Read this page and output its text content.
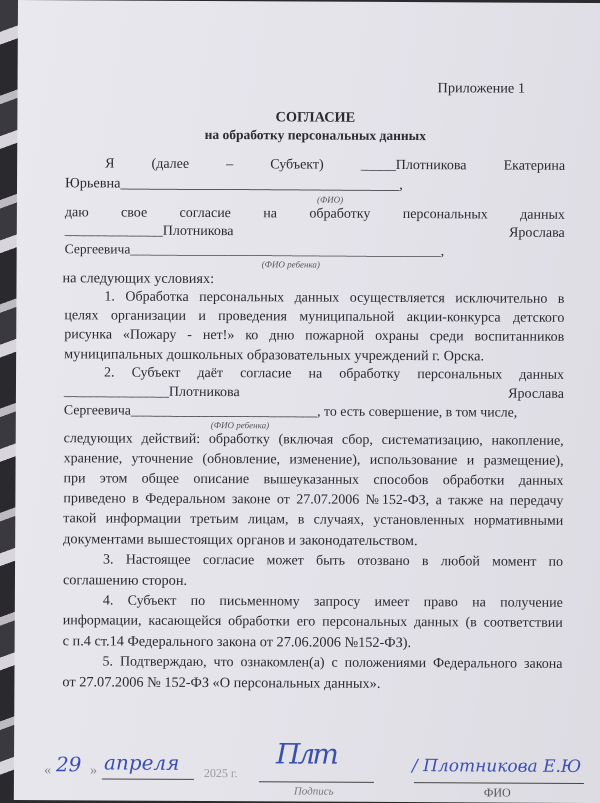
Приложение 1
СОГЛАСИЕ
на обработку персональных данных
Я (далее – Субъект) _____Плотникова Екатерина
Юрьевна_______________________________________,
(ФИО)
даю свое согласие на обработку персональных данных
______________Плотникова Ярослава
Сергеевича______________________________________________,
(ФИО ребенка)
на следующих условиях:
1. Обработка персональных данных осуществляется исключительно в
целях организации и проведения муниципальной акции-конкурса детского
рисунка «Пожару - нет!» ко дню пожарной охраны среди воспитанников
муниципальных дошкольных образовательных учреждений г. Орска.
2. Субъект даёт согласие на обработку персональных данных
_______________Плотникова Ярослава
Сергеевича___________________________, то есть совершение, в том числе,
(ФИО ребенка)
следующих действий: обработку (включая сбор, систематизацию, накопление,
хранение, уточнение (обновление, изменение), использование и размещение),
при этом общее описание вышеуказанных способов обработки данных
приведено в Федеральном законе от 27.07.2006 №152-ФЗ, а также на передачу
такой информации третьим лицам, в случаях, установленных нормативными
документами вышестоящих органов и законодательством.
3. Настоящее согласие может быть отозвано в любой момент по
соглашению сторон.
4. Субъект по письменному запросу имеет право на получение
информации, касающейся обработки его персональных данных (в соответствии
с п.4 ст.14 Федерального закона от 27.06.2006 №152-ФЗ).
5. Подтверждаю, что ознакомлен(а) с положениями Федерального закона
от 27.07.2006 № 152-ФЗ «О персональных данных».
« 29 » апреля 2025 г.
Плт
Подпись
/ Плотникова Е.Ю
ФИО
